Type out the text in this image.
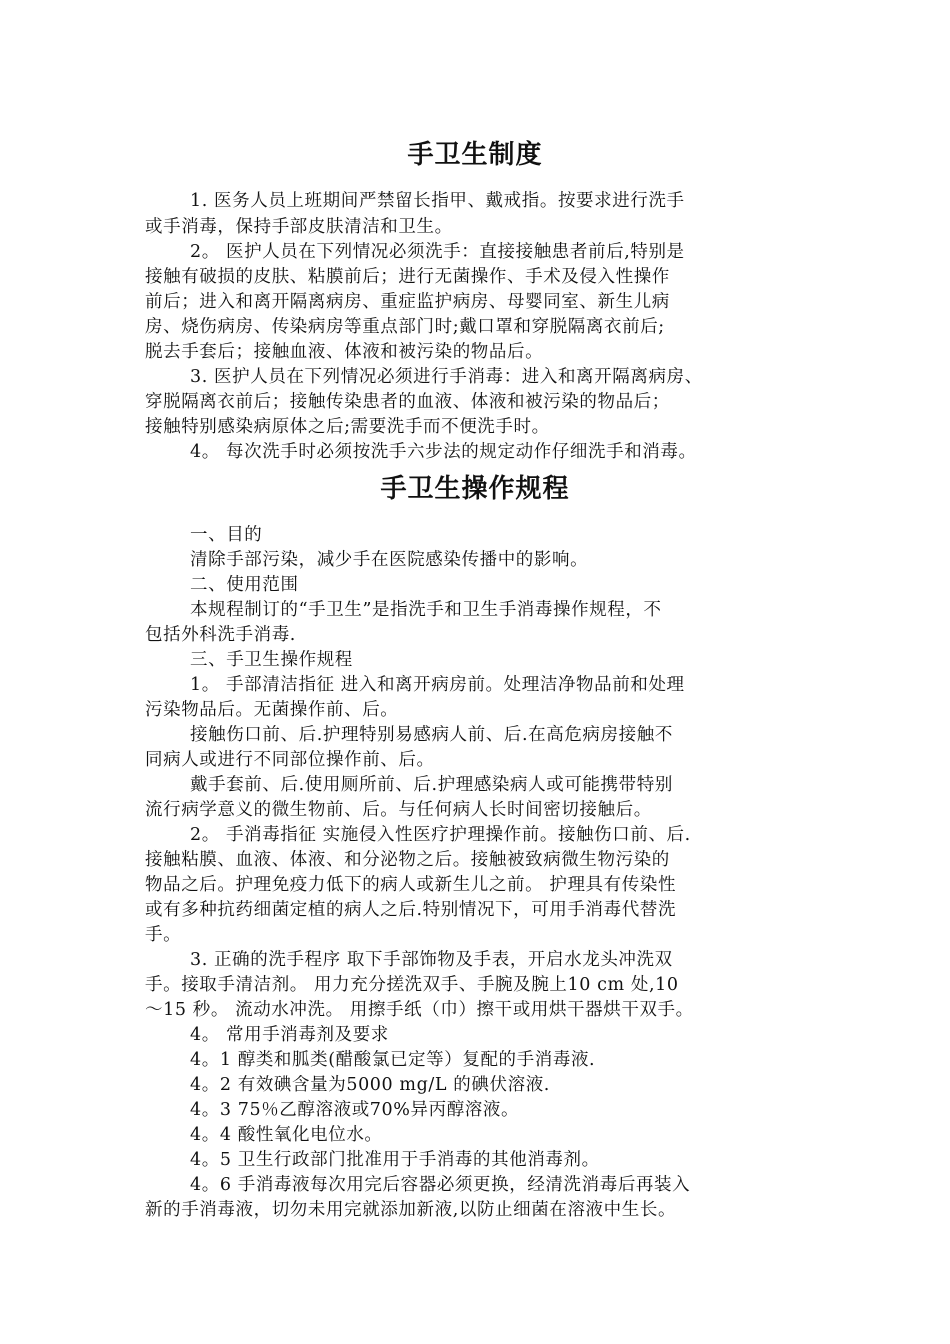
手卫生制度
1. 医务人员上班期间严禁留长指甲、戴戒指。按要求进行洗手
或手消毒，保持手部皮肤清洁和卫生。
2。 医护人员在下列情况必须洗手：直接接触患者前后,特别是
接触有破损的皮肤、粘膜前后；进行无菌操作、手术及侵入性操作
前后；进入和离开隔离病房、重症监护病房、母婴同室、新生儿病
房、烧伤病房、传染病房等重点部门时;戴口罩和穿脱隔离衣前后;
脱去手套后；接触血液、体液和被污染的物品后。
3. 医护人员在下列情况必须进行手消毒：进入和离开隔离病房、
穿脱隔离衣前后；接触传染患者的血液、体液和被污染的物品后；
接触特别感染病原体之后;需要洗手而不便洗手时。
4。 每次洗手时必须按洗手六步法的规定动作仔细洗手和消毒。
手卫生操作规程
一、目的
清除手部污染，减少手在医院感染传播中的影响。
二、使用范围
本规程制订的“手卫生”是指洗手和卫生手消毒操作规程，不
包括外科洗手消毒.
三、手卫生操作规程
1。 手部清洁指征 进入和离开病房前。处理洁净物品前和处理
污染物品后。无菌操作前、后。
接触伤口前、后.护理特别易感病人前、后.在高危病房接触不
同病人或进行不同部位操作前、后。
戴手套前、后.使用厕所前、后.护理感染病人或可能携带特别
流行病学意义的微生物前、后。与任何病人长时间密切接触后。
2。 手消毒指征 实施侵入性医疗护理操作前。接触伤口前、后.
接触粘膜、血液、体液、和分泌物之后。接触被致病微生物污染的
物品之后。护理免疫力低下的病人或新生儿之前。 护理具有传染性
或有多种抗药细菌定植的病人之后.特别情况下，可用手消毒代替洗
手。
3. 正确的洗手程序 取下手部饰物及手表，开启水龙头冲洗双
手。接取手清洁剂。 用力充分搓洗双手、手腕及腕上10 cm 处,10
～15 秒。 流动水冲洗。 用擦手纸（巾）擦干或用烘干器烘干双手。
4。 常用手消毒剂及要求
4。1 醇类和胍类(醋酸氯已定等）复配的手消毒液.
4。2 有效碘含量为5000 mg/L 的碘伏溶液.
4。3 75％乙醇溶液或70%异丙醇溶液。
4。4 酸性氧化电位水。
4。5 卫生行政部门批准用于手消毒的其他消毒剂。
4。6 手消毒液每次用完后容器必须更换，经清洗消毒后再装入
新的手消毒液，切勿未用完就添加新液,以防止细菌在溶液中生长。
